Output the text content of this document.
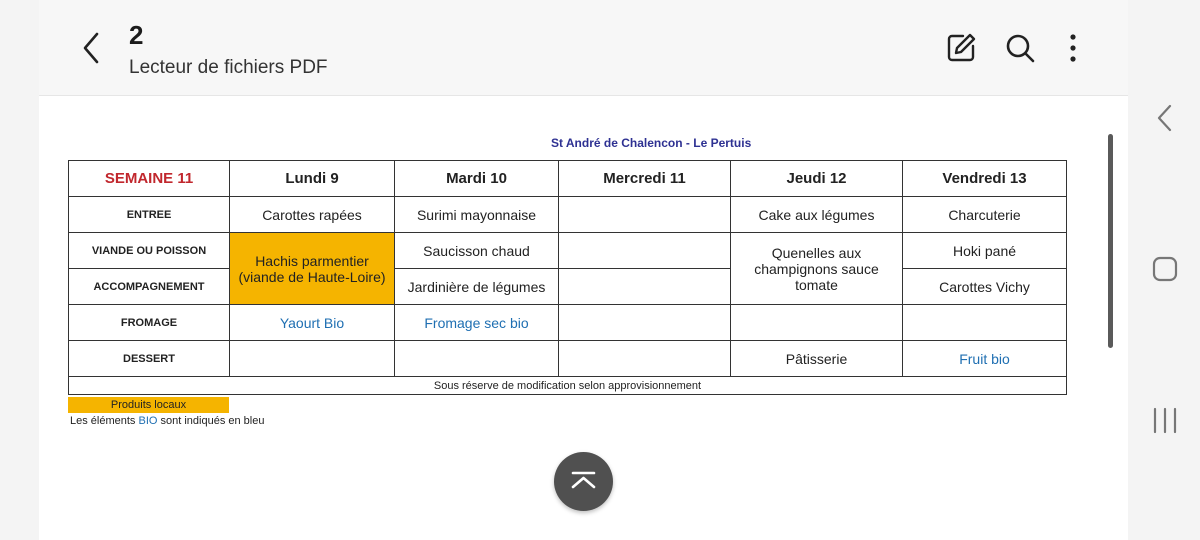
2
Lecteur de fichiers PDF
St André de Chalencon - Le Pertuis
SEMAINE 11	Lundi 9	Mardi 10	Mercredi 11	Jeudi 12	Vendredi 13
ENTREE	Carottes rapées	Surimi mayonnaise		Cake aux légumes	Charcuterie
VIANDE OU POISSON	Hachis parmentier (viande de Haute-Loire)	Saucisson chaud		Quenelles aux champignons sauce tomate	Hoki pané
ACCOMPAGNEMENT		Jardinière de légumes			Carottes Vichy
FROMAGE	Yaourt Bio	Fromage sec bio			
DESSERT				Pâtisserie	Fruit bio
Sous réserve de modification selon approvisionnement					
Produits locaux
Les éléments BIO sont indiqués en bleu
